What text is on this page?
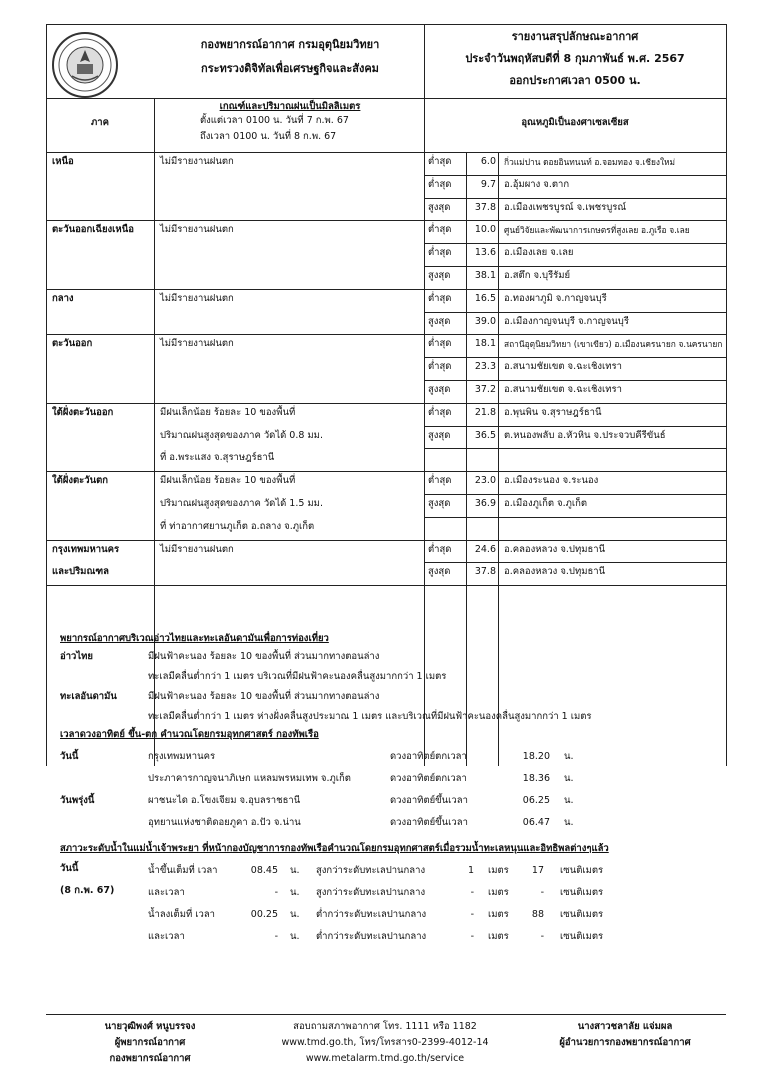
กองพยากรณ์อากาศ กรมอุตุนิยมวิทยา
กระทรวงดิจิทัลเพื่อเศรษฐกิจและสังคม
รายงานสรุปลักษณะอากาศ
ประจำวันพฤหัสบดีที่ 8 กุมภาพันธ์ พ.ศ. 2567
ออกประกาศเวลา 0500 น.
ภาค
เกณฑ์และปริมาณฝนเป็นมิลลิเมตร
ตั้งแต่เวลา 0100 น. วันที่ 7 ก.พ. 67
ถึงเวลา 0100 น. วันที่ 8 ก.พ. 67
อุณหภูมิเป็นองศาเซลเซียส
เหนือ	ไม่มีรายงานฝนตก	ต่ำสุด	6.0 กิ่วแม่ปาน ดอยอินทนนท์ อ.จอมทอง จ.เชียงใหม่
ต่ำสุด	9.7 อ.อุ้มผาง จ.ตาก
สูงสุด	37.8 อ.เมืองเพชรบูรณ์ จ.เพชรบูรณ์
ตะวันออกเฉียงเหนือ	ไม่มีรายงานฝนตก	ต่ำสุด	10.0 ศูนย์วิจัยและพัฒนาการเกษตรที่สูงเลย อ.ภูเรือ จ.เลย
ต่ำสุด	13.6 อ.เมืองเลย จ.เลย
สูงสุด	38.1 อ.สตึก จ.บุรีรัมย์
กลาง	ไม่มีรายงานฝนตก	ต่ำสุด	16.5 อ.ทองผาภูมิ จ.กาญจนบุรี
สูงสุด	39.0 อ.เมืองกาญจนบุรี จ.กาญจนบุรี
ตะวันออก	ไม่มีรายงานฝนตก	ต่ำสุด	18.1 สถานีอุตุนิยมวิทยา (เขาเขียว) อ.เมืองนครนายก จ.นครนายก
ต่ำสุด	23.3 อ.สนามชัยเขต จ.ฉะเชิงเทรา
สูงสุด	37.2 อ.สนามชัยเขต จ.ฉะเชิงเทรา
ใต้ฝั่งตะวันออก	มีฝนเล็กน้อย ร้อยละ 10 ของพื้นที่
ปริมาณฝนสูงสุดของภาค วัดได้ 0.8 มม.
ที่ อ.พระแสง จ.สุราษฎร์ธานี
ต่ำสุด	21.8 อ.พุนพิน จ.สุราษฎร์ธานี
สูงสุด	36.5 ต.หนองพลับ อ.หัวหิน จ.ประจวบคีรีขันธ์
ใต้ฝั่งตะวันตก	มีฝนเล็กน้อย ร้อยละ 10 ของพื้นที่
ปริมาณฝนสูงสุดของภาค วัดได้ 1.5 มม.
ที่ ท่าอากาศยานภูเก็ต อ.ถลาง จ.ภูเก็ต
ต่ำสุด	23.0 อ.เมืองระนอง จ.ระนอง
สูงสุด	36.9 อ.เมืองภูเก็ต จ.ภูเก็ต
กรุงเทพมหานคร
และปริมณฑล
ไม่มีรายงานฝนตก	ต่ำสุด	24.6 อ.คลองหลวง จ.ปทุมธานี
สูงสุด	37.8 อ.คลองหลวง จ.ปทุมธานี
พยากรณ์อากาศบริเวณอ่าวไทยและทะเลอันดามันเพื่อการท่องเที่ยว
อ่าวไทย	มีฝนฟ้าคะนอง ร้อยละ 10 ของพื้นที่ ส่วนมากทางตอนล่าง
ทะเลมีคลื่นต่ำกว่า 1 เมตร บริเวณที่มีฝนฟ้าคะนองคลื่นสูงมากกว่า 1 เมตร
ทะเลอันดามัน	มีฝนฟ้าคะนอง ร้อยละ 10 ของพื้นที่ ส่วนมากทางตอนล่าง
ทะเลมีคลื่นต่ำกว่า 1 เมตร ห่างฝั่งคลื่นสูงประมาณ 1 เมตร และบริเวณที่มีฝนฟ้าคะนองคลื่นสูงมากกว่า 1 เมตร
เวลาดวงอาทิตย์ ขึ้น-ตก คำนวณโดยกรมอุทกศาสตร์ กองทัพเรือ
วันนี้
วันพรุ่งนี้
กรุงเทพมหานคร	ดวงอาทิตย์ตกเวลา	18.20 น.
ประภาคารกาญจนาภิเษก แหลมพรหมเทพ จ.ภูเก็ต	ดวงอาทิตย์ตกเวลา	18.36 น.
ผาชนะได อ.โขงเจียม จ.อุบลราชธานี	ดวงอาทิตย์ขึ้นเวลา	06.25 น.
อุทยานแห่งชาติดอยภูคา อ.ปัว จ.น่าน	ดวงอาทิตย์ขึ้นเวลา	06.47 น.
สภาวะระดับน้ำในแม่น้ำเจ้าพระยา ที่หน้ากองบัญชาการกองทัพเรือคำนวณโดยกรมอุทกศาสตร์เมื่อรวมน้ำทะเลหนุนและอิทธิพลต่างๆแล้ว
วันนี้
(8 ก.พ. 67)
น้ำขึ้นเต็มที่ เวลา	08.45 น. สูงกว่าระดับทะเลปานกลาง	1 เมตร	17 เซนติเมตร
และเวลา	- น. สูงกว่าระดับทะเลปานกลาง	- เมตร	- เซนติเมตร
น้ำลงเต็มที่ เวลา	00.25 น. ต่ำกว่าระดับทะเลปานกลาง	- เมตร	88 เซนติเมตร
และเวลา	- น. ต่ำกว่าระดับทะเลปานกลาง	- เมตร	- เซนติเมตร
นายวุฒิพงศ์ หนูบรรจง
ผู้พยากรณ์อากาศ
กองพยากรณ์อากาศ
สอบถามสภาพอากาศ โทร. 1111 หรือ 1182
www.tmd.go.th, โทร/โทรสาร0-2399-4012-14
www.metalarm.tmd.go.th/service
นางสาวชลาลัย แจ่มผล
ผู้อำนวยการกองพยากรณ์อากาศ
